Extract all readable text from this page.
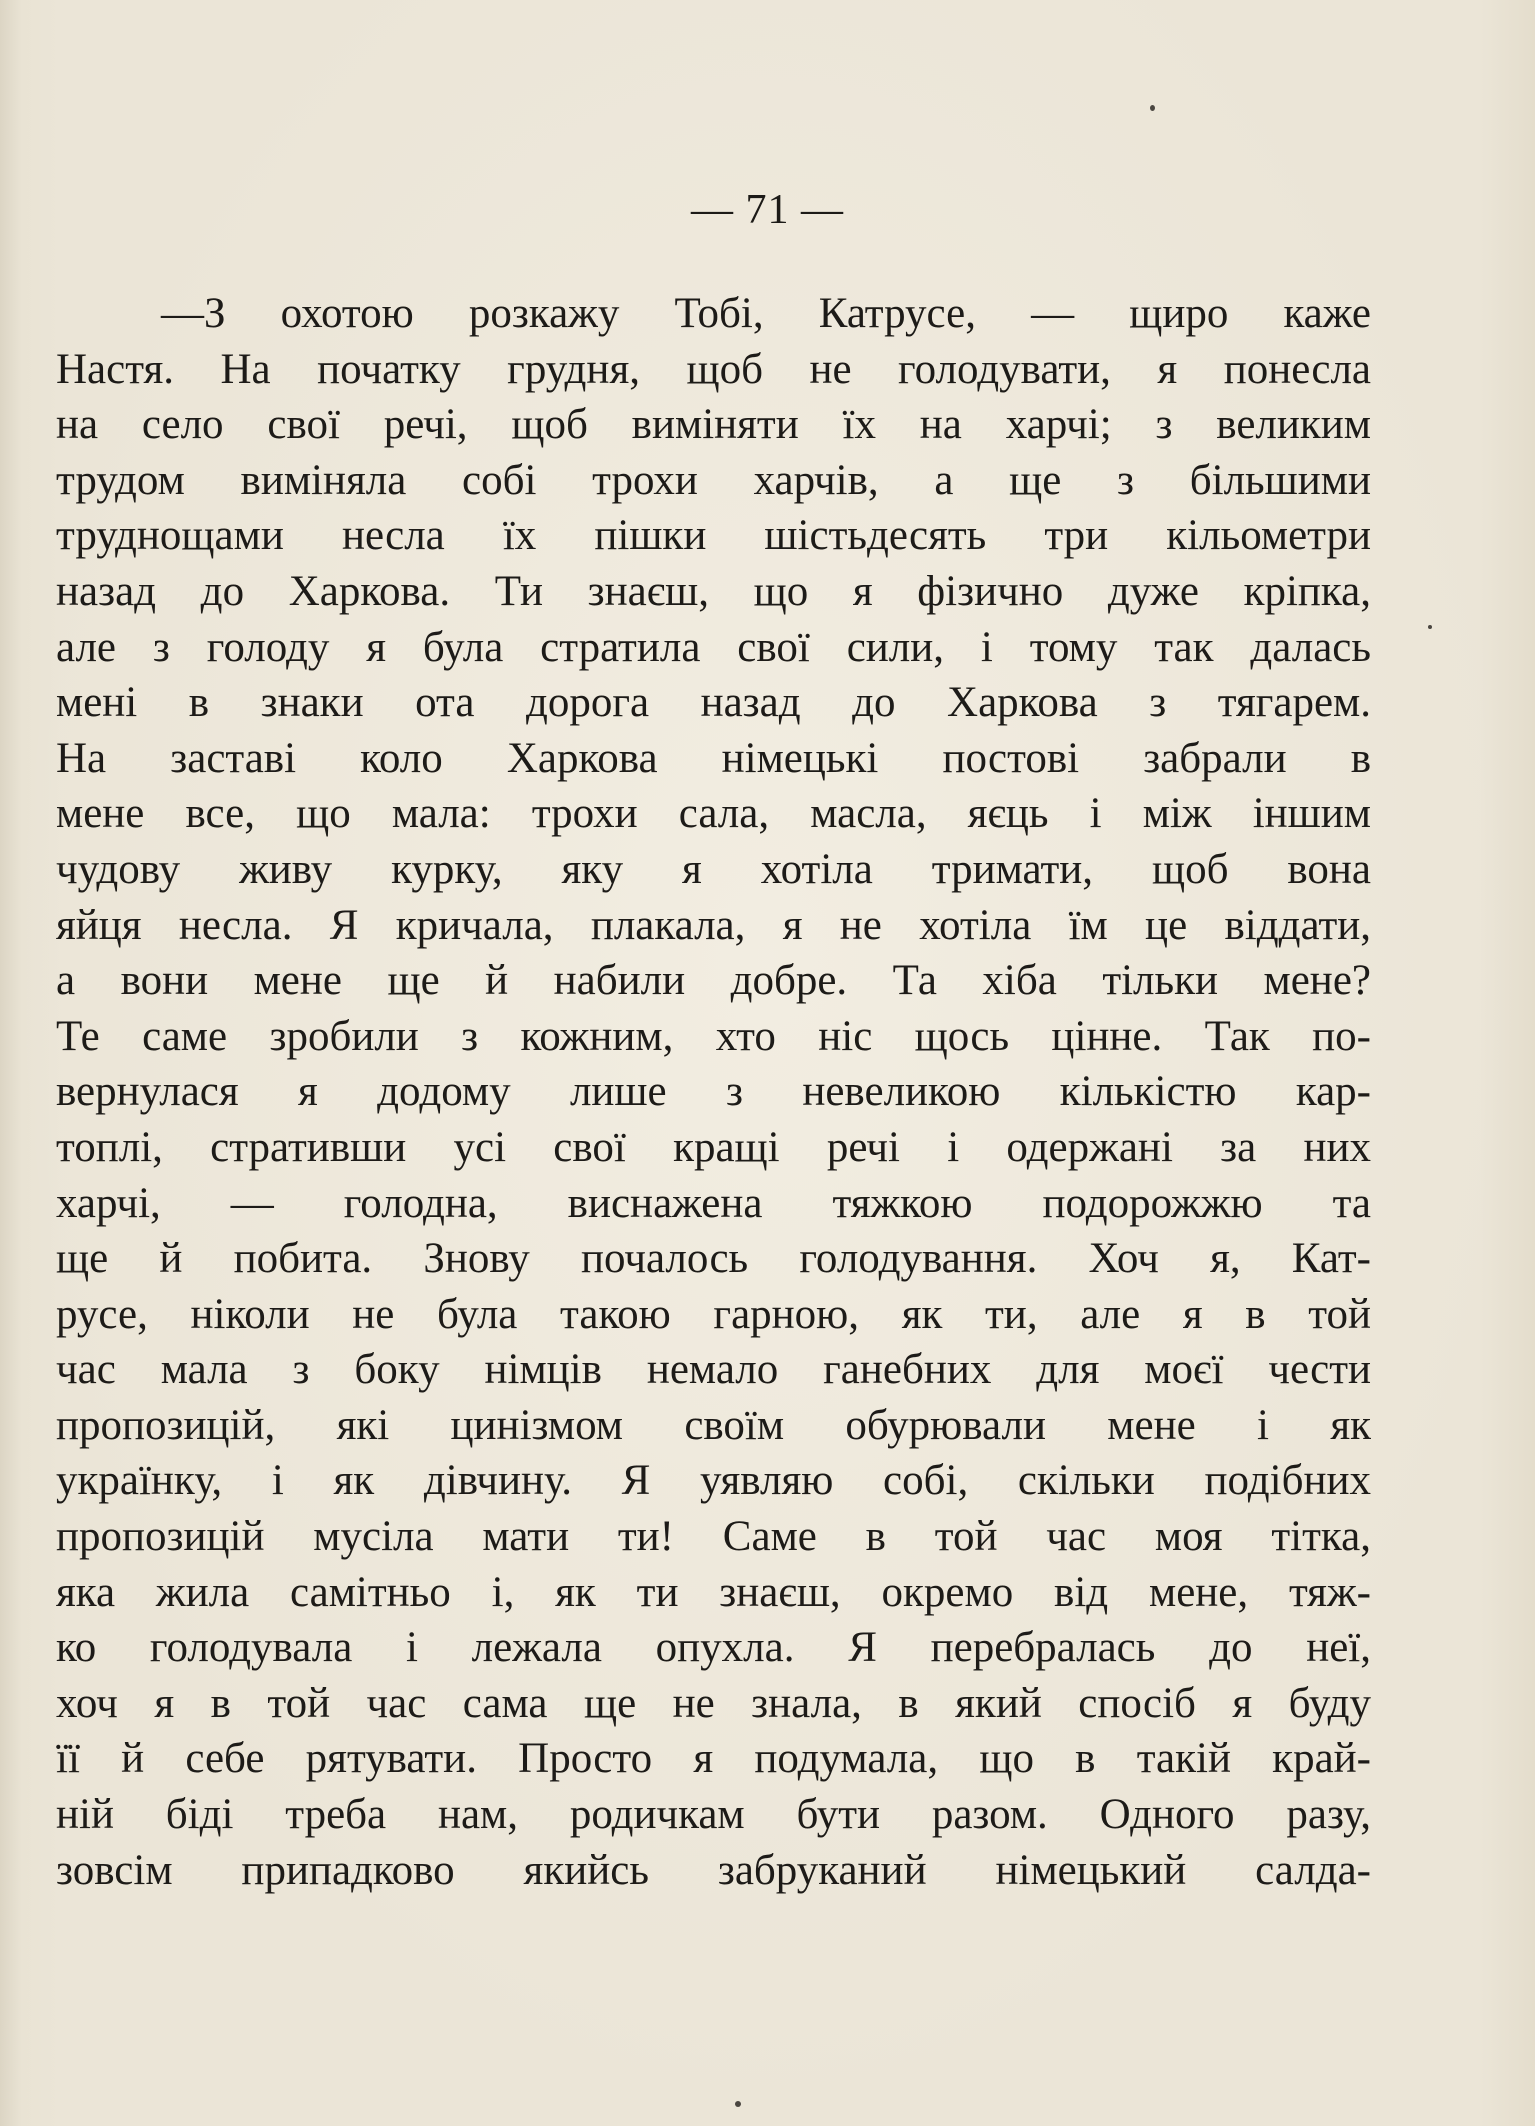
— 71 —
—З охотою розкажу Тобі, Катрусе, — щиро каже
Настя. На початку грудня, щоб не голодувати, я понесла
на село свої речі, щоб виміняти їх на харчі; з великим
трудом виміняла собі трохи харчів, а ще з більшими
труднощами несла їх пішки шістьдесять три кільометри
назад до Харкова. Ти знаєш, що я фізично дуже кріпка,
але з голоду я була стратила свої сили, і тому так далась
мені в знаки ота дорога назад до Харкова з тягарем.
На заставі коло Харкова німецькі постові забрали в
мене все, що мала: трохи сала, масла, яєць і між іншим
чудову живу курку, яку я хотіла тримати, щоб вона
яйця несла. Я кричала, плакала, я не хотіла їм це віддати,
а вони мене ще й набили добре. Та хіба тільки мене?
Те саме зробили з кожним, хто ніс щось цінне. Так по-
вернулася я додому лише з невеликою кількістю кар-
топлі, стративши усі свої кращі речі і одержані за них
харчі, — голодна, виснажена тяжкою подорожжю та
ще й побита. Знову почалось голодування. Хоч я, Кат-
русе, ніколи не була такою гарною, як ти, але я в той
час мала з боку німців немало ганебних для моєї чести
пропозицій, які цинізмом своїм обурювали мене і як
українку, і як дівчину. Я уявляю собі, скільки подібних
пропозицій мусіла мати ти! Саме в той час моя тітка,
яка жила самітньо і, як ти знаєш, окремо від мене, тяж-
ко голодувала і лежала опухла. Я перебралась до неї,
хоч я в той час сама ще не знала, в який спосіб я буду
її й себе рятувати. Просто я подумала, що в такій край-
ній біді треба нам, родичкам бути разом. Одного разу,
зовсім припадково якийсь забруканий німецький салда-
